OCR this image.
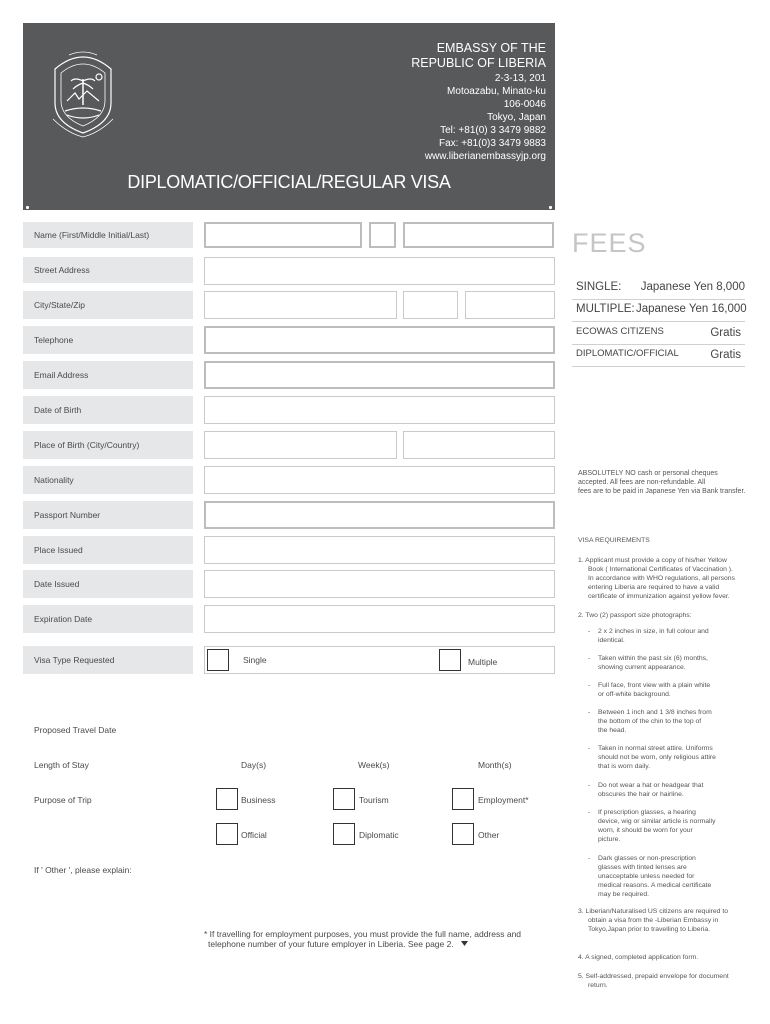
EMBASSY OF THE
REPUBLIC OF LIBERIA
2-3-13, 201
Motoazabu, Minato-ku
106-0046
Tokyo, Japan
Tel: +81(0) 3 3479 9882
Fax: +81(0)3 3479 9883
www.liberianembassyjp.org
DIPLOMATIC/OFFICIAL/REGULAR VISA
Name (First/Middle Initial/Last)
Street Address
City/State/Zip
Telephone
Email Address
Date of Birth
Place of Birth (City/Country)
Nationality
Passport Number
Place Issued
Date Issued
Expiration Date
Visa Type Requested	Single	Multiple
Proposed Travel Date
Length of Stay	Day(s)	Week(s)	Month(s)
Purpose of Trip	Business	Tourism	Employment*
Official	Diplomatic	Other
If ' Other ', please explain:
* If travelling for employment purposes, you must provide the full name, address and
telephone number of your future employer in Liberia. See page 2.
FEES
SINGLE: Japanese Yen 8,000
MULTIPLE: Japanese Yen 16,000
ECOWAS CITIZENS	Gratis
DIPLOMATIC/OFFICIAL	Gratis
ABSOLUTELY NO cash or personal cheques
accepted. All fees are non-refundable. All
fees are to be paid in Japanese Yen via Bank transfer.
VISA REQUIREMENTS
1. Applicant must provide a copy of his/her Yellow
Book ( International Certificates of Vaccination ).
In accordance with WHO regulations, all persons
entering Liberia are required to have a valid
certificate of immunization against yellow fever.
2. Two (2) passport size photographs:
- 2 x 2 inches in size, in full colour and
identical.
- Taken within the past six (6) months,
showing current appearance.
- Full face, front view with a plain white
or off-white background.
- Between 1 inch and 1 3/8 inches from
the bottom of the chin to the top of
the head.
- Taken in normal street attire. Uniforms
should not be worn, only religious attire
that is worn daily.
- Do not wear a hat or headgear that
obscures the hair or hairline.
- If prescription glasses, a hearing
device, wig or similar article is normally
worn, it should be worn for your
picture.
- Dark glasses or non-prescription
glasses with tinted lenses are
unacceptable unless needed for
medical reasons. A medical certificate
may be required.
3. Liberian/Naturalised US citizens are required to
obtain a visa from the -Liberian Embassy in
Tokyo,Japan prior to travelling to Liberia.
4. A signed, completed application form.
5. Self-addressed, prepaid envelope for document
return.
